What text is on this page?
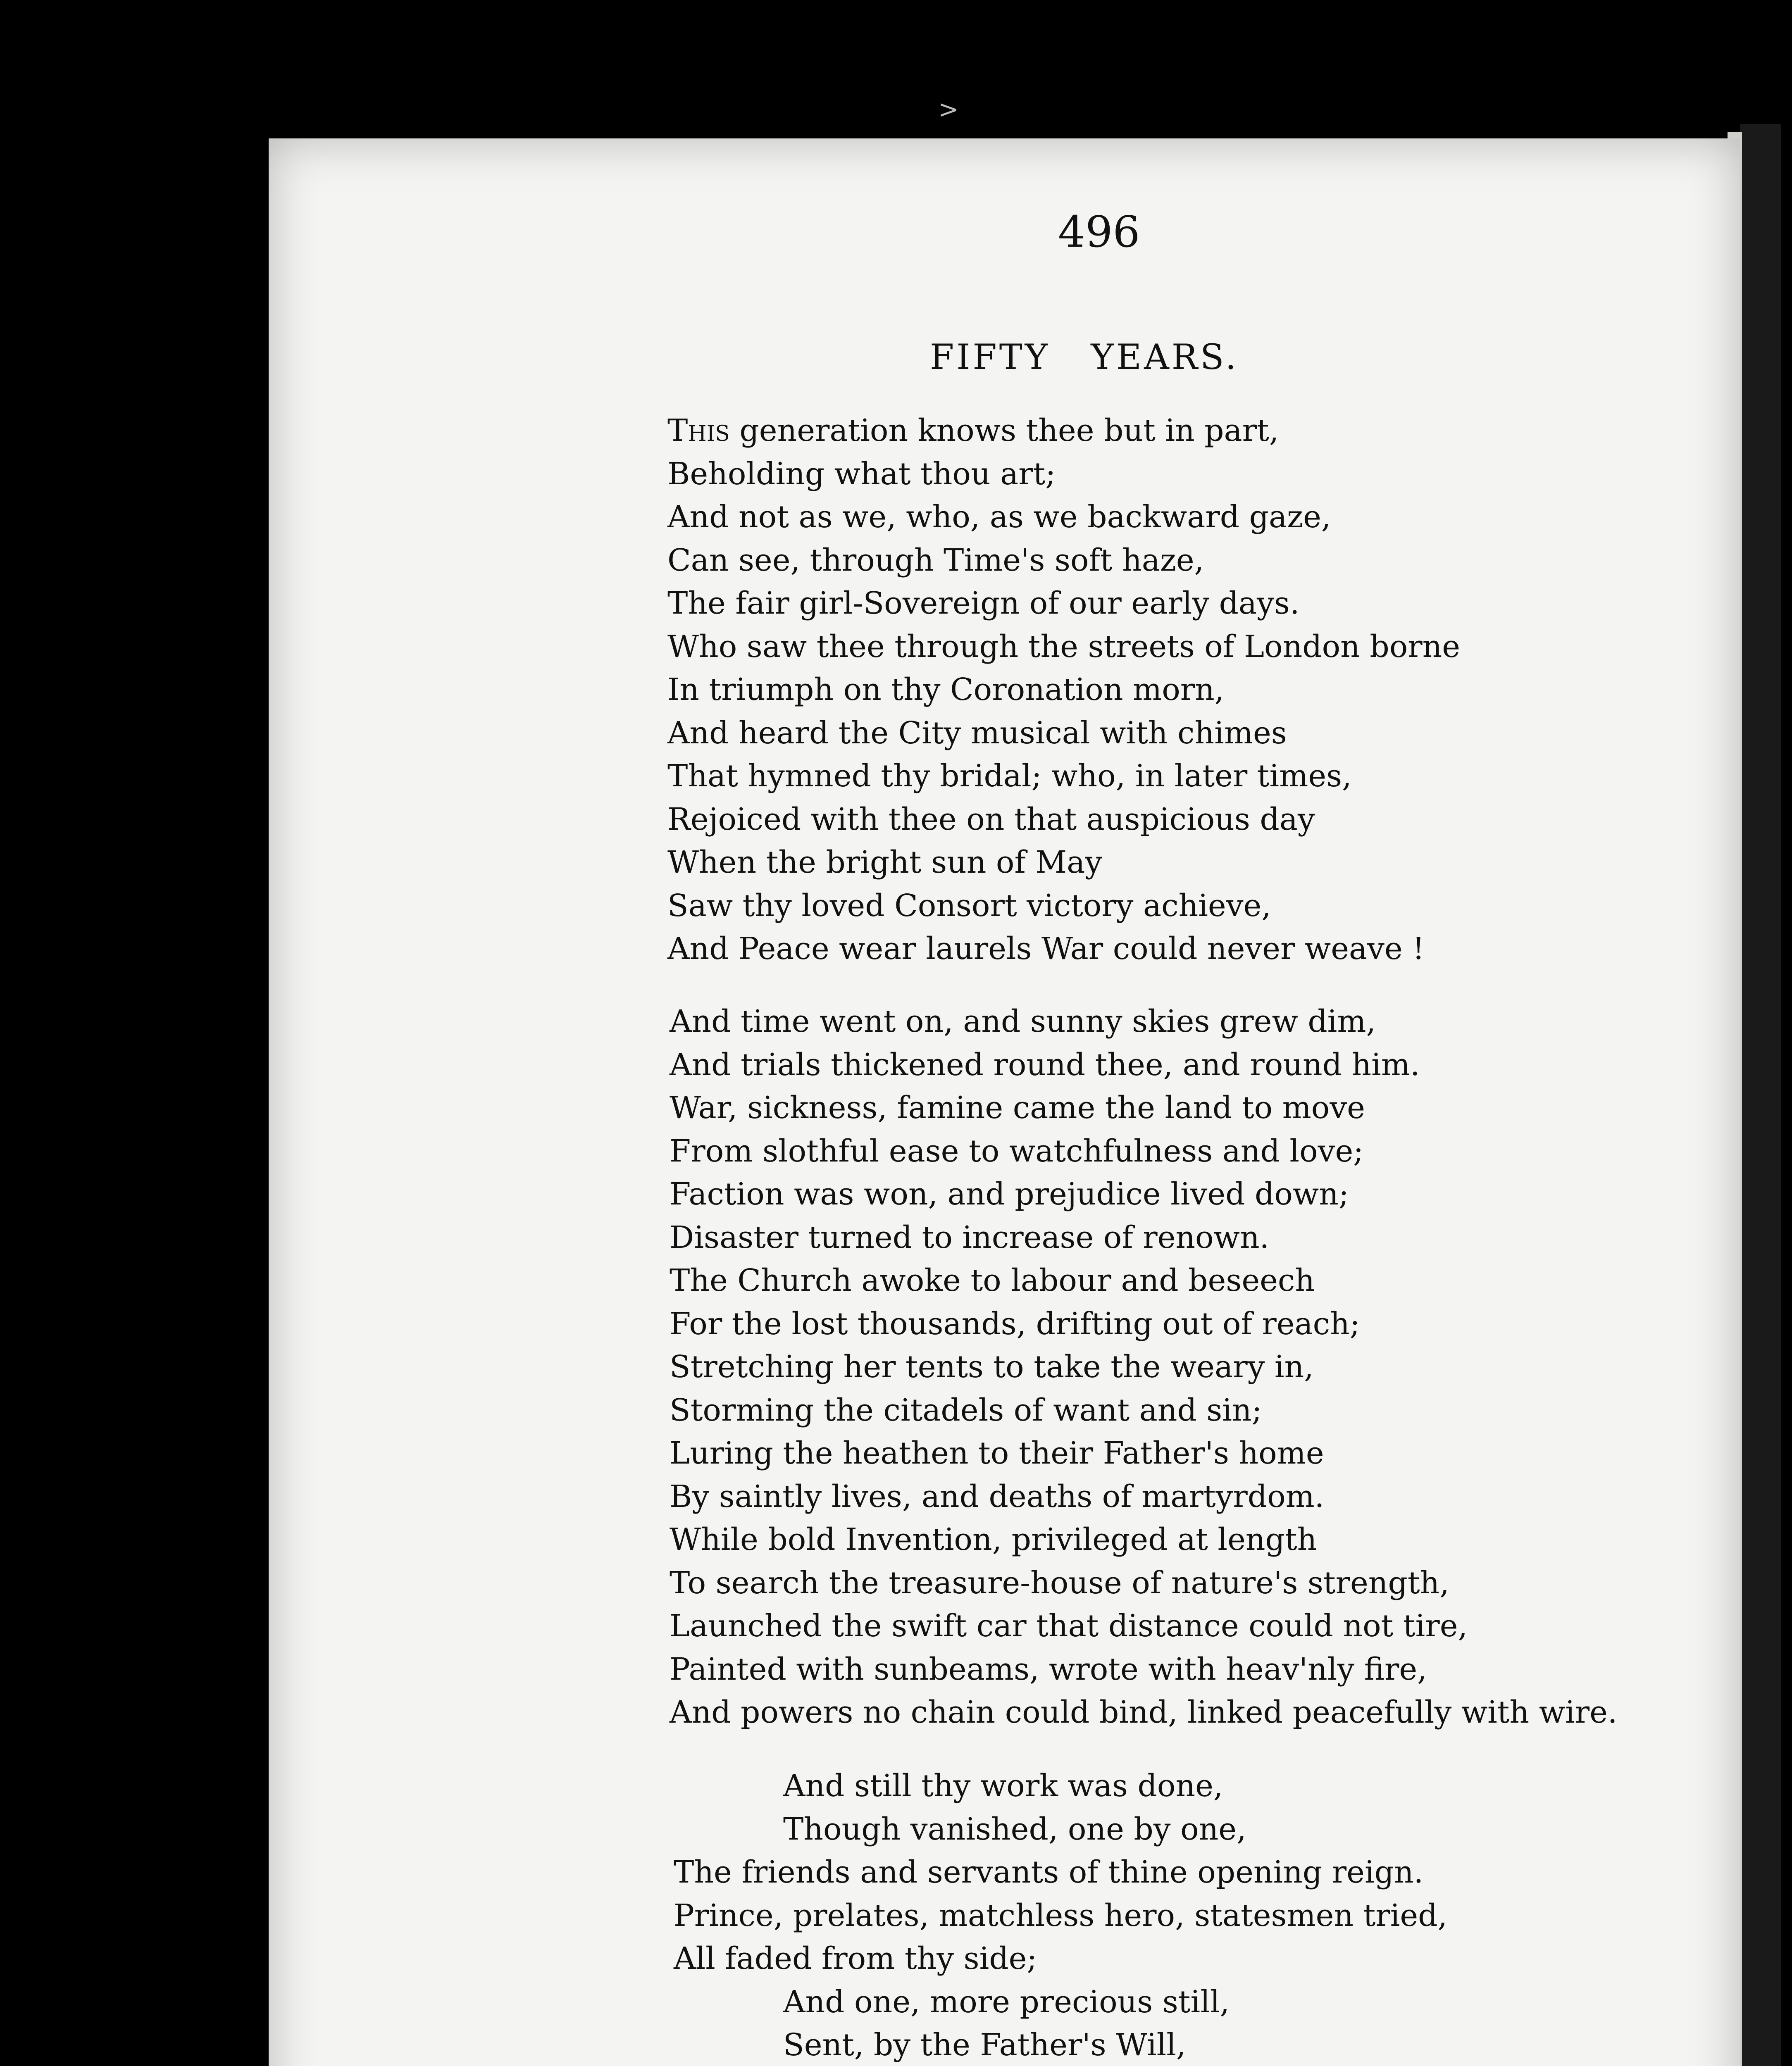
>
496
FIFTY   YEARS.
This generation knows thee but in part,
Beholding what thou art;
And not as we, who, as we backward gaze,
Can see, through Time's soft haze,
The fair girl-Sovereign of our early days.
Who saw thee through the streets of London borne
In triumph on thy Coronation morn,
And heard the City musical with chimes
That hymned thy bridal; who, in later times,
Rejoiced with thee on that auspicious day
When the bright sun of May
Saw thy loved Consort victory achieve,
And Peace wear laurels War could never weave !
And time went on, and sunny skies grew dim,
And trials thickened round thee, and round him.
War, sickness, famine came the land to move
From slothful ease to watchfulness and love;
Faction was won, and prejudice lived down;
Disaster turned to increase of renown.
The Church awoke to labour and beseech
For the lost thousands, drifting out of reach;
Stretching her tents to take the weary in,
Storming the citadels of want and sin;
Luring the heathen to their Father's home
By saintly lives, and deaths of martyrdom.
While bold Invention, privileged at length
To search the treasure-house of nature's strength,
Launched the swift car that distance could not tire,
Painted with sunbeams, wrote with heav'nly fire,
And powers no chain could bind, linked peacefully with wire.
And still thy work was done,
Though vanished, one by one,
The friends and servants of thine opening reign.
Prince, prelates, matchless hero, statesmen tried,
All faded from thy side;
And one, more precious still,
Sent, by the Father's Will,
